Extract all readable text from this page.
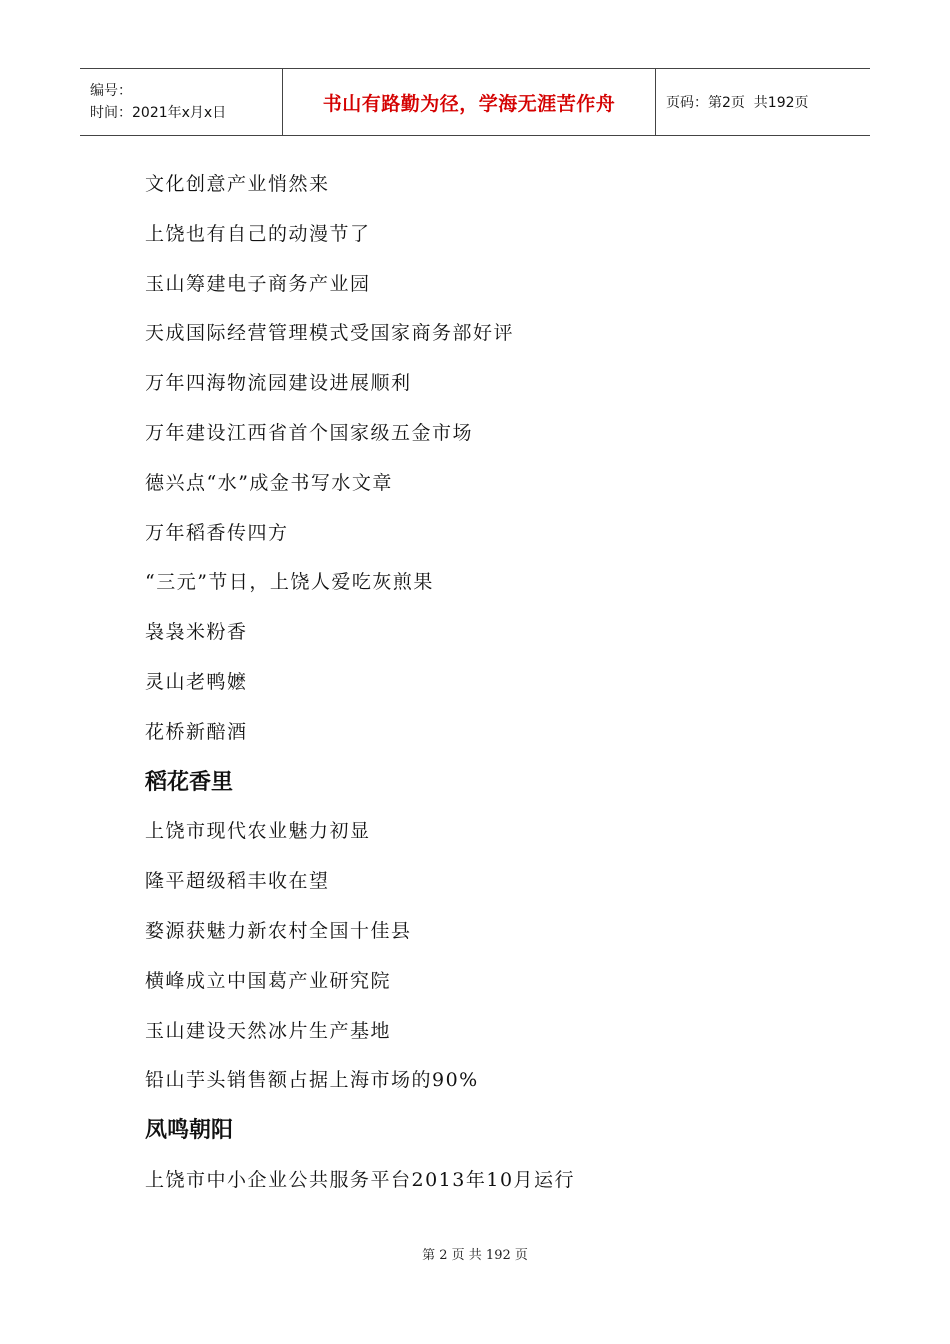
编号：
时间：2021年x月x日	书山有路勤为径，学海无涯苦作舟	页码：第2页  共192页
文化创意产业悄然来
上饶也有自己的动漫节了
玉山筹建电子商务产业园
天成国际经营管理模式受国家商务部好评
万年四海物流园建设进展顺利
万年建设江西省首个国家级五金市场
德兴点“水”成金书写水文章
万年稻香传四方
“三元”节日，上饶人爱吃灰煎果
袅袅米粉香
灵山老鸭嬷
花桥新醅酒
稻花香里
上饶市现代农业魅力初显
隆平超级稻丰收在望
婺源获魅力新农村全国十佳县
横峰成立中国葛产业研究院
玉山建设天然冰片生产基地
铅山芋头销售额占据上海市场的90%
凤鸣朝阳
上饶市中小企业公共服务平台2013年10月运行
第 2 页 共 192 页
